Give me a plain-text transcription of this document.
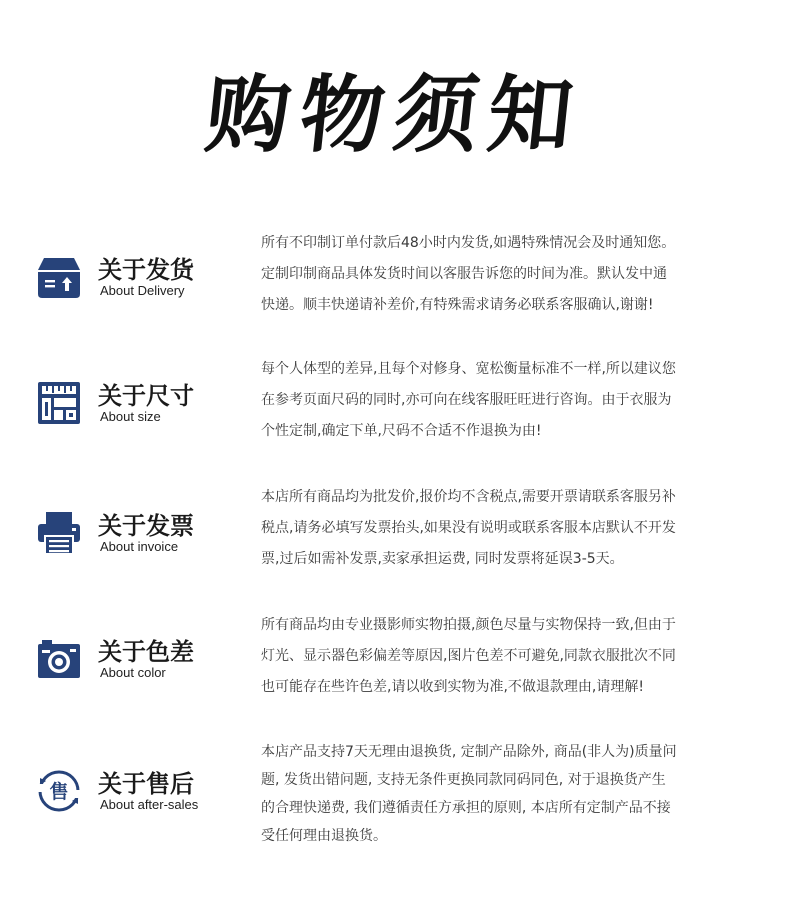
购物须知
关于发货
About Delivery
所有不印制订单付款后48小时内发货,如遇特殊情况会及时通知您。
定制印制商品具体发货时间以客服告诉您的时间为准。默认发中通
快递。顺丰快递请补差价,有特殊需求请务必联系客服确认,谢谢!
关于尺寸
About size
每个人体型的差异,且每个对修身、宽松衡量标准不一样,所以建议您
在参考页面尺码的同时,亦可向在线客服旺旺进行咨询。由于衣服为
个性定制,确定下单,尺码不合适不作退换为由!
关于发票
About invoice
本店所有商品均为批发价,报价均不含税点,需要开票请联系客服另补
税点,请务必填写发票抬头,如果没有说明或联系客服本店默认不开发
票,过后如需补发票,卖家承担运费, 同时发票将延误3-5天。
关于色差
About color
所有商品均由专业摄影师实物拍摄,颜色尽量与实物保持一致,但由于
灯光、显示器色彩偏差等原因,图片色差不可避免,同款衣服批次不同
也可能存在些许色差,请以收到实物为准,不做退款理由,请理解!
售 关于售后
About after-sales
本店产品支持7天无理由退换货, 定制产品除外, 商品(非人为)质量问
题, 发货出错问题, 支持无条件更换同款同码同色, 对于退换货产生
的合理快递费, 我们遵循责任方承担的原则, 本店所有定制产品不接
受任何理由退换货。
